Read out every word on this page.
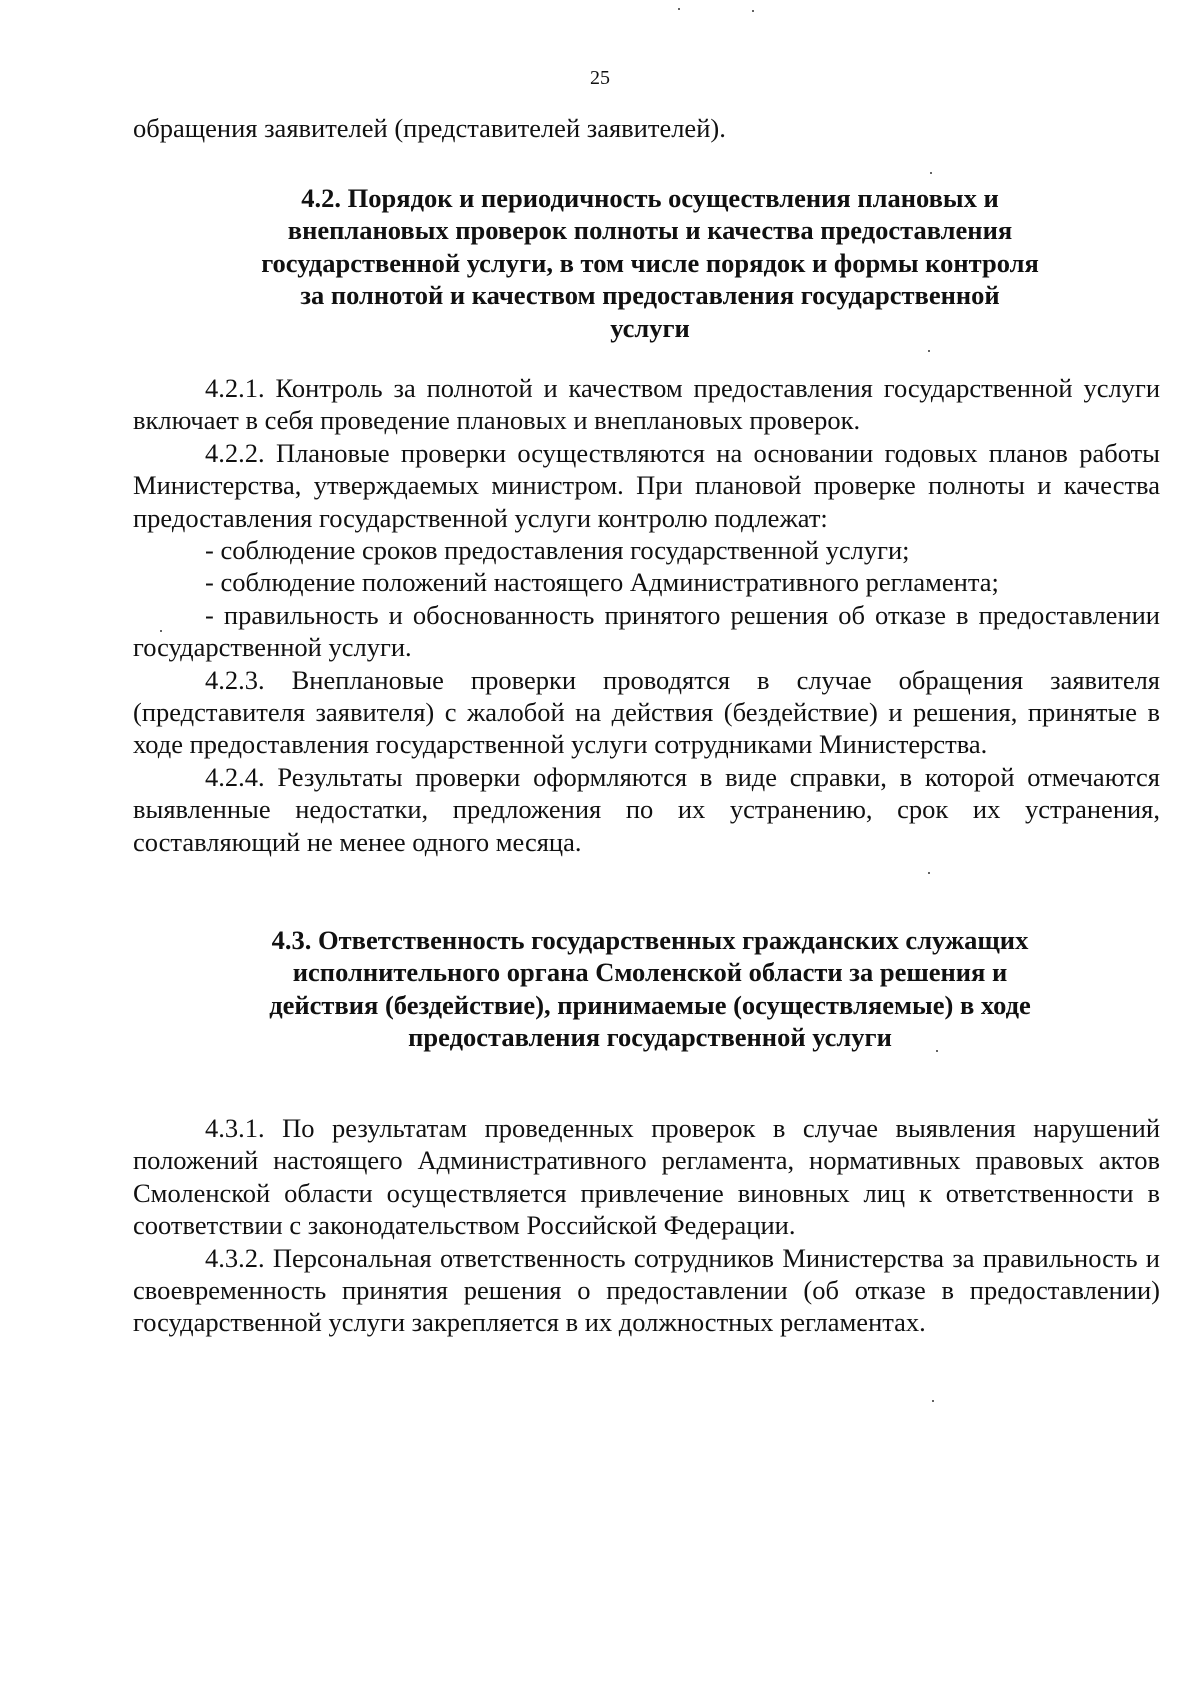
25

обращения заявителей (представителей заявителей).

4.2. Порядок и периодичность осуществления плановых и внеплановых проверок полноты и качества предоставления государственной услуги, в том числе порядок и формы контроля за полнотой и качеством предоставления государственной услуги

4.2.1. Контроль за полнотой и качеством предоставления государственной услуги включает в себя проведение плановых и внеплановых проверок.

4.2.2. Плановые проверки осуществляются на основании годовых планов работы Министерства, утверждаемых министром. При плановой проверке полноты и качества предоставления государственной услуги контролю подлежат:

- соблюдение сроков предоставления государственной услуги;

- соблюдение положений настоящего Административного регламента;

- правильность и обоснованность принятого решения об отказе в предоставлении государственной услуги.

4.2.3. Внеплановые проверки проводятся в случае обращения заявителя (представителя заявителя) с жалобой на действия (бездействие) и решения, принятые в ходе предоставления государственной услуги сотрудниками Министерства.

4.2.4. Результаты проверки оформляются в виде справки, в которой отмечаются выявленные недостатки, предложения по их устранению, срок их устранения, составляющий не менее одного месяца.

4.3. Ответственность государственных гражданских служащих исполнительного органа Смоленской области за решения и действия (бездействие), принимаемые (осуществляемые) в ходе предоставления государственной услуги

4.3.1. По результатам проведенных проверок в случае выявления нарушений положений настоящего Административного регламента, нормативных правовых актов Смоленской области осуществляется привлечение виновных лиц к ответственности в соответствии с законодательством Российской Федерации.

4.3.2. Персональная ответственность сотрудников Министерства за правильность и своевременность принятия решения о предоставлении (об отказе в предоставлении) государственной услуги закрепляется в их должностных регламентах.
